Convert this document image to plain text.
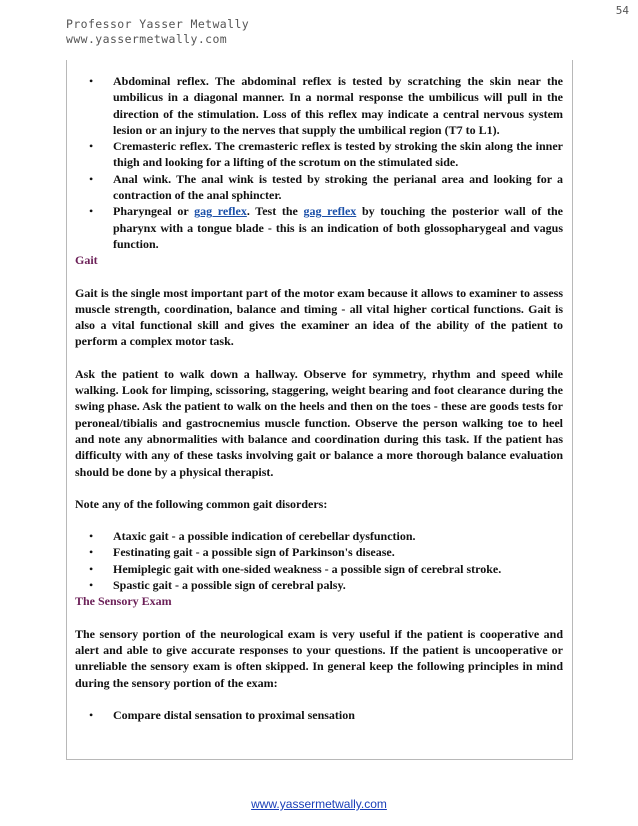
54
Professor Yasser Metwally
www.yassermetwally.com
• Abdominal reflex. The abdominal reflex is tested by scratching the skin near the umbilicus in a diagonal manner. In a normal response the umbilicus will pull in the direction of the stimulation. Loss of this reflex may indicate a central nervous system lesion or an injury to the nerves that supply the umbilical region (T7 to L1).
• Cremasteric reflex. The cremasteric reflex is tested by stroking the skin along the inner thigh and looking for a lifting of the scrotum on the stimulated side.
• Anal wink. The anal wink is tested by stroking the perianal area and looking for a contraction of the anal sphincter.
• Pharyngeal or gag reflex. Test the gag reflex by touching the posterior wall of the pharynx with a tongue blade - this is an indication of both glossopharygeal and vagus function.

Gait

Gait is the single most important part of the motor exam because it allows to examiner to assess muscle strength, coordination, balance and timing - all vital higher cortical functions. Gait is also a vital functional skill and gives the examiner an idea of the ability of the patient to perform a complex motor task.

Ask the patient to walk down a hallway. Observe for symmetry, rhythm and speed while walking. Look for limping, scissoring, staggering, weight bearing and foot clearance during the swing phase. Ask the patient to walk on the heels and then on the toes - these are goods tests for peroneal/tibialis and gastrocnemius muscle function. Observe the person walking toe to heel and note any abnormalities with balance and coordination during this task. If the patient has difficulty with any of these tasks involving gait or balance a more thorough balance evaluation should be done by a physical therapist.

Note any of the following common gait disorders:

• Ataxic gait - a possible indication of cerebellar dysfunction.
• Festinating gait - a possible sign of Parkinson's disease.
• Hemiplegic gait with one-sided weakness - a possible sign of cerebral stroke.
• Spastic gait - a possible sign of cerebral palsy.

The Sensory Exam

The sensory portion of the neurological exam is very useful if the patient is cooperative and alert and able to give accurate responses to your questions. If the patient is uncooperative or unreliable the sensory exam is often skipped. In general keep the following principles in mind during the sensory portion of the exam:

• Compare distal sensation to proximal sensation
www.yassermetwally.com
